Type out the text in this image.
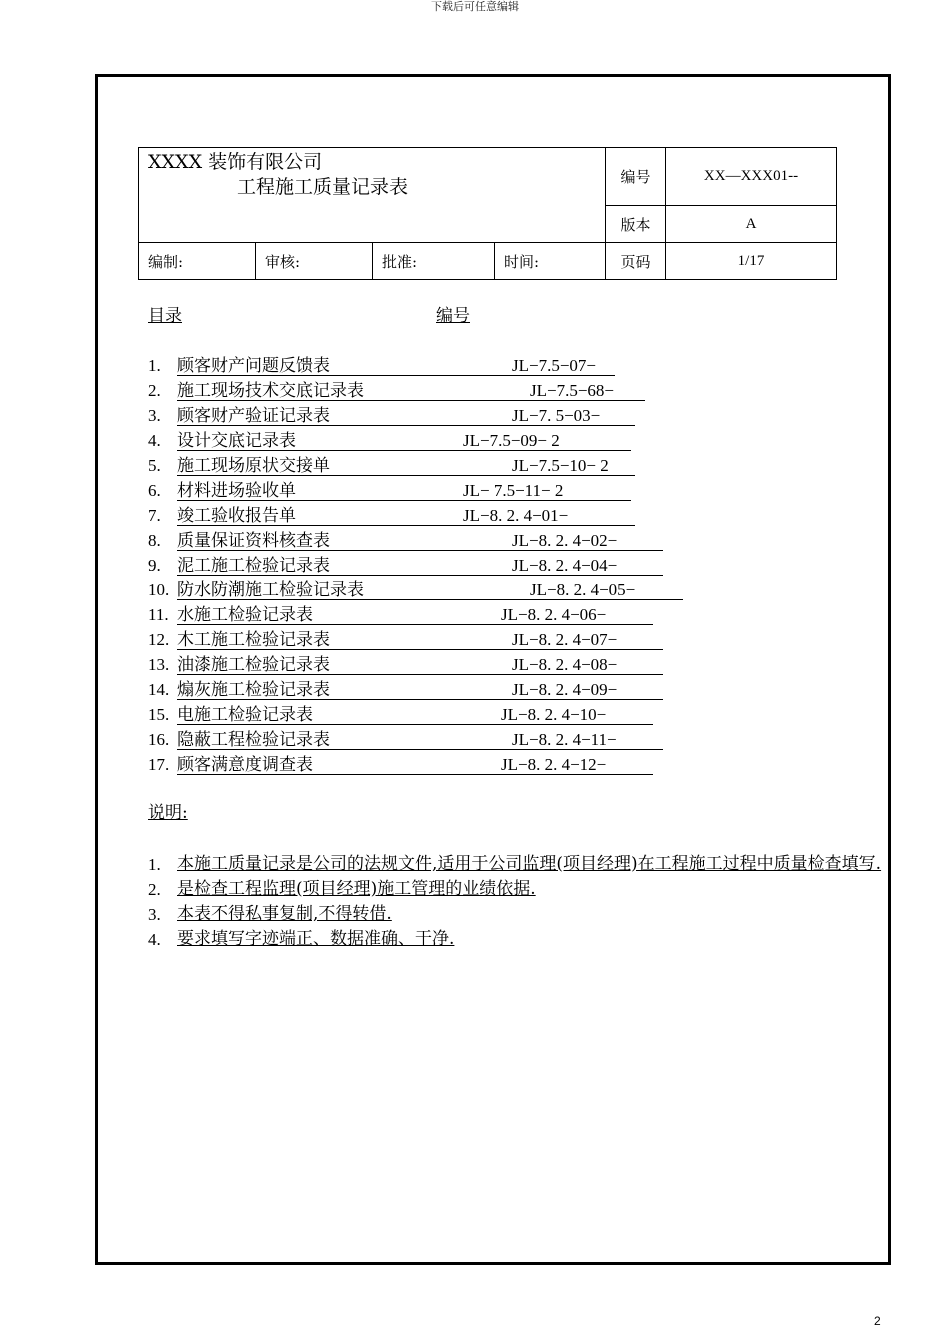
下载后可任意编辑
XXXX 装饰有限公司
工程施工质量记录表				编号	XX—XXX01--
				版本	A
编制:	审核:	批准:	时间:	页码	1/17
目录	编号
1. 顾客财产问题反馈表	JL−7.5−07−
2. 施工现场技术交底记录表	JL−7.5−68−
3. 顾客财产验证记录表	JL−7. 5−03−
4. 设计交底记录表	JL−7.5−09− 2
5. 施工现场原状交接单	JL−7.5−10− 2
6. 材料进场验收单	JL− 7.5−11− 2
7. 竣工验收报告单	JL−8. 2. 4−01−
8. 质量保证资料核查表	JL−8. 2. 4−02−
9. 泥工施工检验记录表	JL−8. 2. 4−04−
10. 防水防潮施工检验记录表	JL−8. 2. 4−05−
11. 水施工检验记录表	JL−8. 2. 4−06−
12. 木工施工检验记录表	JL−8. 2. 4−07−
13. 油漆施工检验记录表	JL−8. 2. 4−08−
14. 煽灰施工检验记录表	JL−8. 2. 4−09−
15. 电施工检验记录表	JL−8. 2. 4−10−
16. 隐蔽工程检验记录表	JL−8. 2. 4−11−
17. 顾客满意度调查表	JL−8. 2. 4−12−
说明:
1. 本施工质量记录是公司的法规文件,适用于公司监理(项目经理)在工程施工过程中质量检查填写.
2. 是检查工程监理(项目经理)施工管理的业绩依据.
3. 本表不得私事复制,不得转借.
4. 要求填写字迹端正、数据准确、干净.
2
